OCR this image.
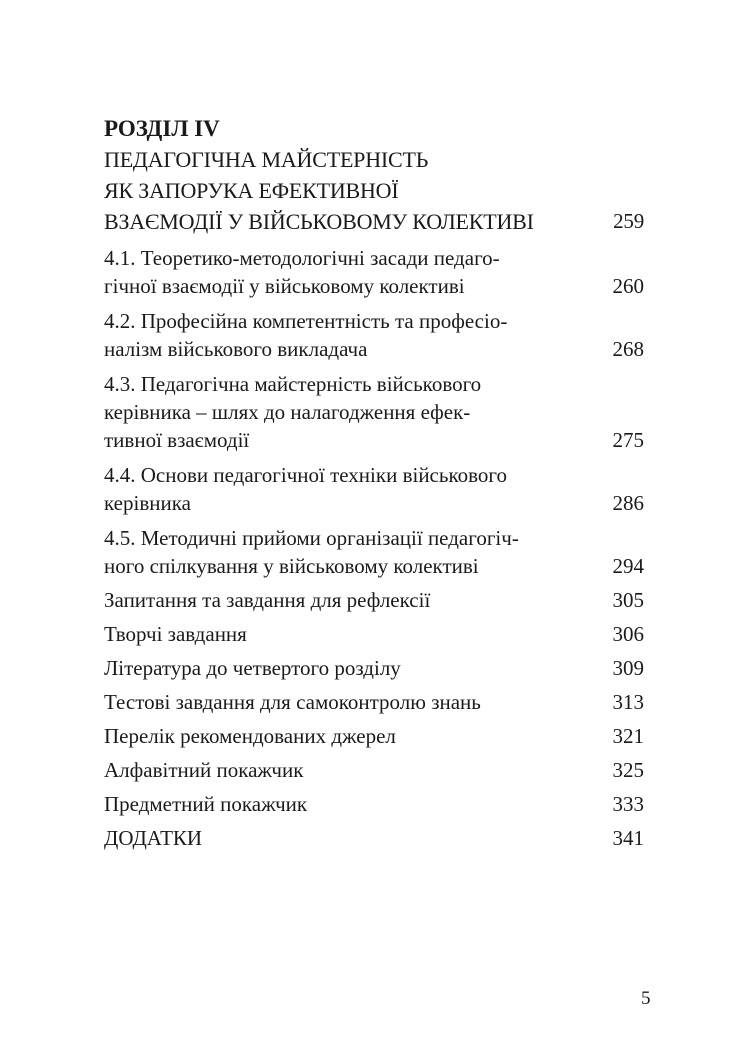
РОЗДІЛ IV
ПЕДАГОГІЧНА МАЙСТЕРНІСТЬ
ЯК ЗАПОРУКА ЕФЕКТИВНОЇ
ВЗАЄМОДІЇ У ВІЙСЬКОВОМУ КОЛЕКТИВІ	259
4.1. Теоретико-методологічні засади педаго-
гічної взаємодії у військовому колективі	260
4.2. Професійна компетентність та професіо-
налізм військового викладача	268
4.3. Педагогічна майстерність військового
керівника – шлях до налагодження ефек-
тивної взаємодії	275
4.4. Основи педагогічної техніки військового
керівника	286
4.5. Методичні прийоми організації педагогіч-
ного спілкування у військовому колективі	294
Запитання та завдання для рефлексії	305
Творчі завдання	306
Література до четвертого розділу	309
Тестові завдання для самоконтролю знань	313
Перелік рекомендованих джерел	321
Алфавітний покажчик	325
Предметний покажчик	333
ДОДАТКИ	341
5
